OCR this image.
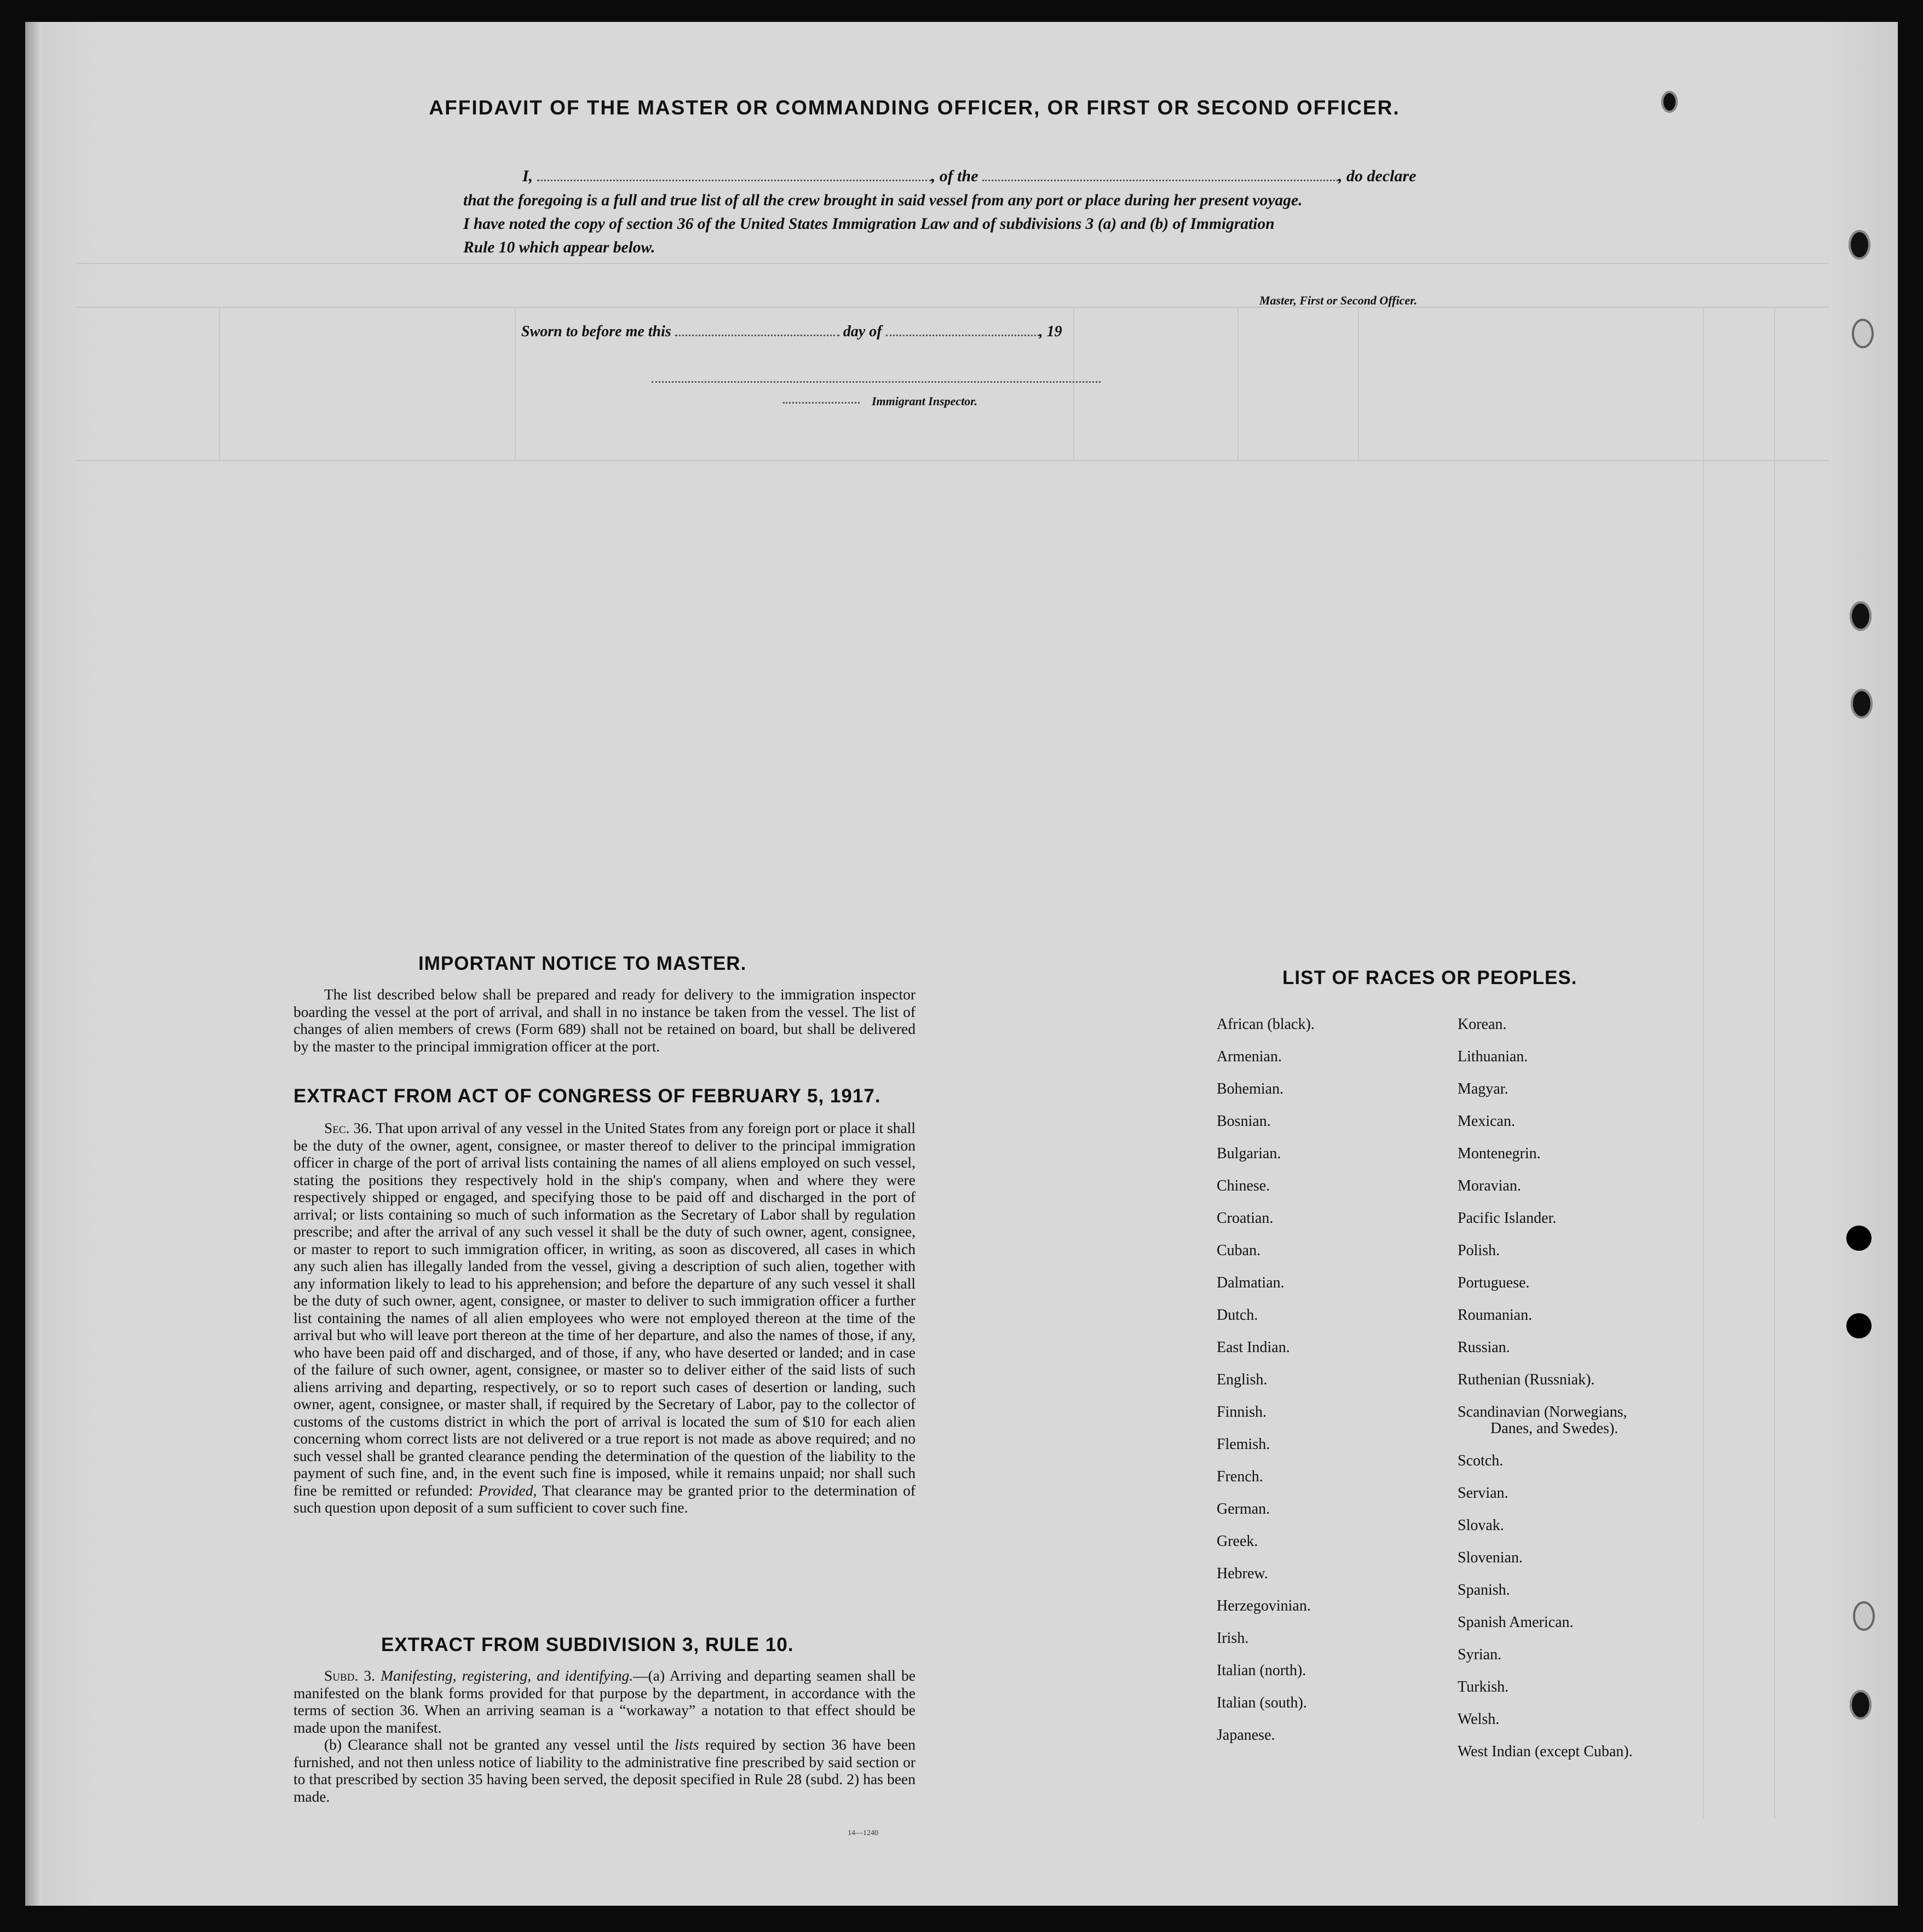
AFFIDAVIT OF THE MASTER OR COMMANDING OFFICER, OR FIRST OR SECOND OFFICER.
I,	, of the	, do declare
that the foregoing is a full and true list of all the crew brought in said vessel from any port or place during her present voyage.
I have noted the copy of section 36 of the United States Immigration Law and of subdivisions 3 (a) and (b) of Immigration
Rule 10 which appear below.
Master, First or Second Officer.
Sworn to before me this	day of	, 19
Immigrant Inspector.
IMPORTANT NOTICE TO MASTER.

The list described below shall be prepared and ready for delivery to the immigration inspector boarding the vessel at the port of arrival, and shall in no instance be taken from the vessel. The list of changes of alien members of crews (Form 689) shall not be retained on board, but shall be delivered by the master to the principal immigration officer at the port.

EXTRACT FROM ACT OF CONGRESS OF FEBRUARY 5, 1917.

Sec. 36. That upon arrival of any vessel in the United States from any foreign port or place it shall be the duty of the owner, agent, consignee, or master thereof to deliver to the principal immigration officer in charge of the port of arrival lists containing the names of all aliens employed on such vessel, stating the positions they respectively hold in the ship's company, when and where they were respectively shipped or engaged, and specifying those to be paid off and discharged in the port of arrival; or lists containing so much of such information as the Secretary of Labor shall by regulation prescribe; and after the arrival of any such vessel it shall be the duty of such owner, agent, consignee, or master to report to such immigration officer, in writing, as soon as discovered, all cases in which any such alien has illegally landed from the vessel, giving a description of such alien, together with any information likely to lead to his apprehension; and before the departure of any such vessel it shall be the duty of such owner, agent, consignee, or master to deliver to such immigration officer a further list containing the names of all alien employees who were not employed thereon at the time of the arrival but who will leave port thereon at the time of her departure, and also the names of those, if any, who have been paid off and discharged, and of those, if any, who have deserted or landed; and in case of the failure of such owner, agent, consignee, or master so to deliver either of the said lists of such aliens arriving and departing, respectively, or so to report such cases of desertion or landing, such owner, agent, consignee, or master shall, if required by the Secretary of Labor, pay to the collector of customs of the customs district in which the port of arrival is located the sum of $10 for each alien concerning whom correct lists are not delivered or a true report is not made as above required; and no such vessel shall be granted clearance pending the determination of the question of the liability to the payment of such fine, and, in the event such fine is imposed, while it remains unpaid; nor shall such fine be remitted or refunded: Provided, That clearance may be granted prior to the determination of such question upon deposit of a sum sufficient to cover such fine.

EXTRACT FROM SUBDIVISION 3, RULE 10.

Subd. 3. Manifesting, registering, and identifying.—(a) Arriving and departing seamen shall be manifested on the blank forms provided for that purpose by the department, in accordance with the terms of section 36. When an arriving seaman is a “workaway” a notation to that effect should be made upon the manifest.

(b) Clearance shall not be granted any vessel until the lists required by section 36 have been furnished, and not then unless notice of liability to the administrative fine prescribed by said section or to that prescribed by section 35 having been served, the deposit specified in Rule 28 (subd. 2) has been made.

14—1240
LIST OF RACES OR PEOPLES.
African (black).
Armenian.
Bohemian.
Bosnian.
Bulgarian.
Chinese.
Croatian.
Cuban.
Dalmatian.
Dutch.
East Indian.
English.
Finnish.
Flemish.
French.
German.
Greek.
Hebrew.
Herzegovinian.
Irish.
Italian (north).
Italian (south).
Japanese.
Korean.
Lithuanian.
Magyar.
Mexican.
Montenegrin.
Moravian.
Pacific Islander.
Polish.
Portuguese.
Roumanian.
Russian.
Ruthenian (Russniak).
Scandinavian (Norwegians,
Danes, and Swedes).
Scotch.
Servian.
Slovak.
Slovenian.
Spanish.
Spanish American.
Syrian.
Turkish.
Welsh.
West Indian (except Cuban).
